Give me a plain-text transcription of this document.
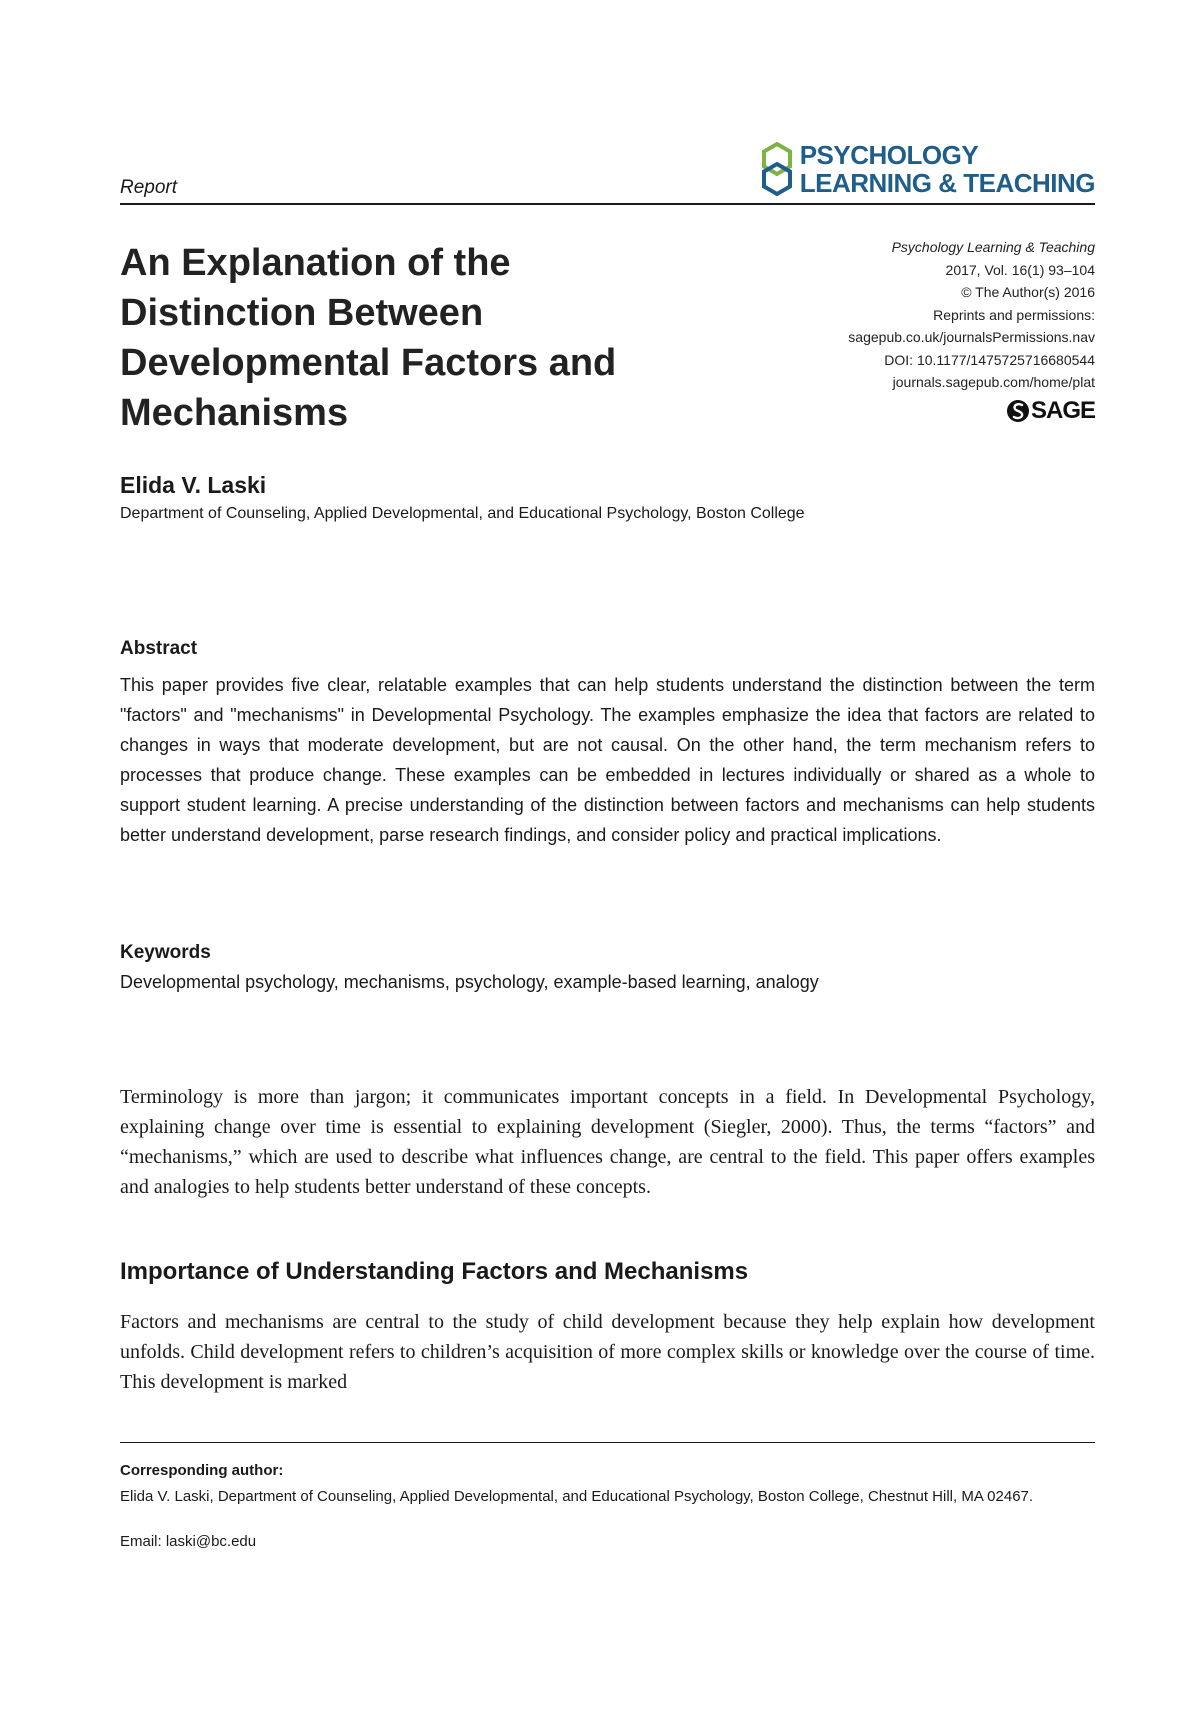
Report
PSYCHOLOGY
LEARNING & TEACHING
An Explanation of the Distinction Between Developmental Factors and Mechanisms
Psychology Learning & Teaching
2017, Vol. 16(1) 93–104
© The Author(s) 2016
Reprints and permissions:
sagepub.co.uk/journalsPermissions.nav
DOI: 10.1177/1475725716680544
journals.sagepub.com/home/plat
SAGE
Elida V. Laski
Department of Counseling, Applied Developmental, and Educational Psychology, Boston College
Abstract

This paper provides five clear, relatable examples that can help students understand the distinction between the term "factors" and "mechanisms" in Developmental Psychology. The examples emphasize the idea that factors are related to changes in ways that moderate development, but are not causal. On the other hand, the term mechanism refers to processes that produce change. These examples can be embedded in lectures individually or shared as a whole to support student learning. A precise understanding of the distinction between factors and mechanisms can help students better understand development, parse research findings, and consider policy and practical implications.

Keywords
Developmental psychology, mechanisms, psychology, example-based learning, analogy

Terminology is more than jargon; it communicates important concepts in a field. In Developmental Psychology, explaining change over time is essential to explaining development (Siegler, 2000). Thus, the terms “factors” and “mechanisms,” which are used to describe what influences change, are central to the field. This paper offers examples and analogies to help students better understand of these concepts.

Importance of Understanding Factors and Mechanisms

Factors and mechanisms are central to the study of child development because they help explain how development unfolds. Child development refers to children’s acquisition of more complex skills or knowledge over the course of time. This development is marked

Corresponding author:

Elida V. Laski, Department of Counseling, Applied Developmental, and Educational Psychology, Boston College, Chestnut Hill, MA 02467.

Email: laski@bc.edu
